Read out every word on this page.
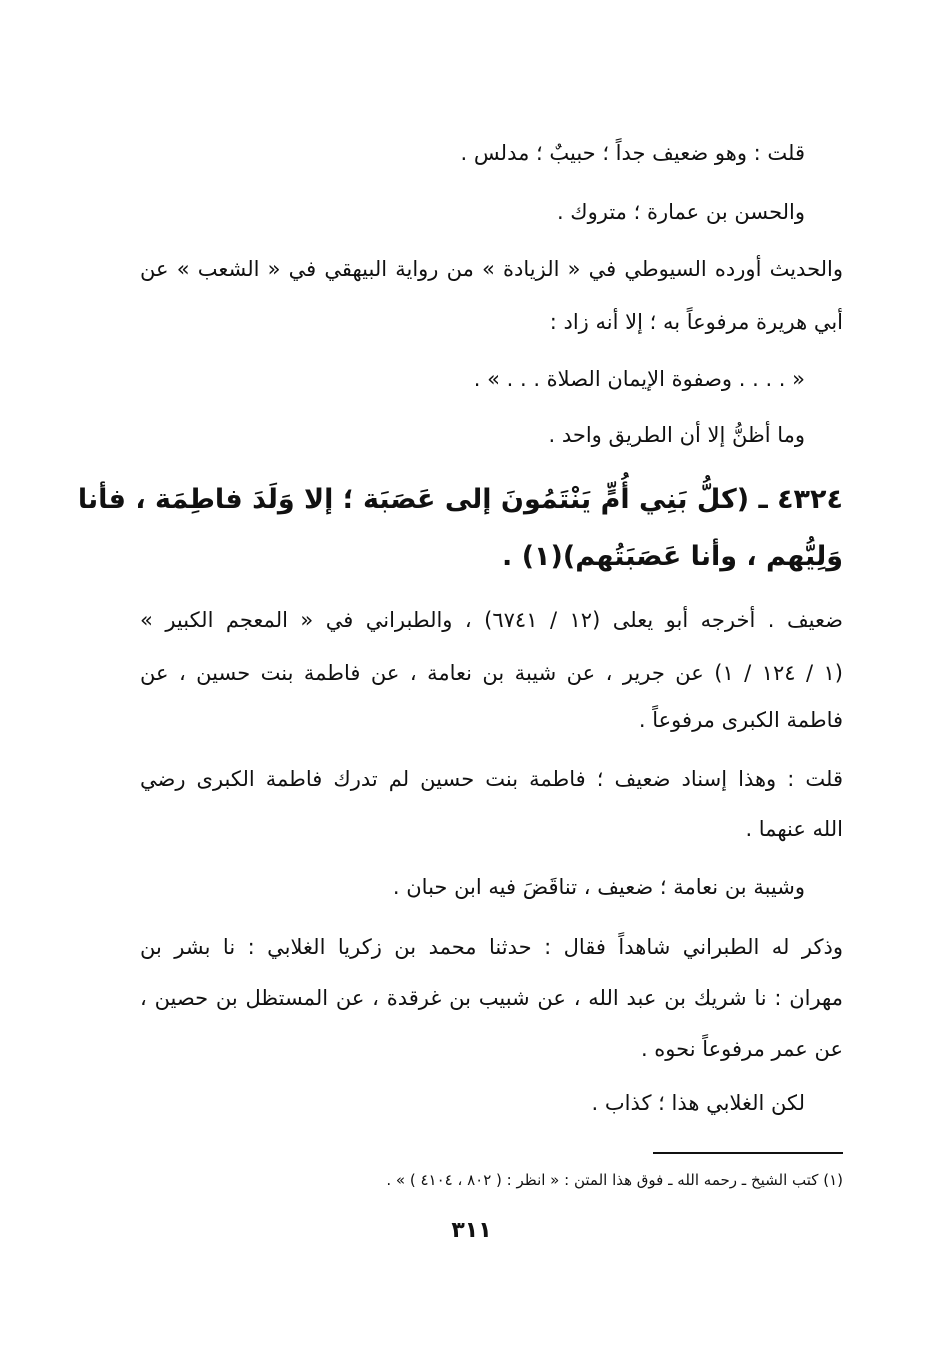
قلت : وهو ضعيف جداً ؛ حبيبٌ ؛ مدلس .
والحسن بن عمارة ؛ متروك .
والحديث أورده السيوطي في « الزيادة » من رواية البيهقي في « الشعب » عن
أبي هريرة مرفوعاً به ؛ إلا أنه زاد :
« . . . . وصفوة الإيمان الصلاة . . . » .
وما أظنُّ إلا أن الطريق واحد .
٤٣٢٤ ـ (كلُّ بَنِي أُمٍّ يَنْتَمُونَ إلى عَصَبَة ؛ إلا وَلَدَ فاطِمَة ، فأنا
وَلِيُّهم ، وأنا عَصَبَتُهم)(١) .
ضعيف . أخرجه أبو يعلى (١٢ / ٦٧٤١) ، والطبراني في « المعجم الكبير »
(١ / ١٢٤ / ١) عن جرير ، عن شيبة بن نعامة ، عن فاطمة بنت حسين ، عن
فاطمة الكبرى مرفوعاً .
قلت : وهذا إسناد ضعيف ؛ فاطمة بنت حسين لم تدرك فاطمة الكبرى رضي
الله عنهما .
وشيبة بن نعامة ؛ ضعيف ، تناقَضَ فيه ابن حبان .
وذكر له الطبراني شاهداً فقال : حدثنا محمد بن زكريا الغلابي : نا بشر بن
مهران : نا شريك بن عبد الله ، عن شبيب بن غرقدة ، عن المستظل بن حصين ،
عن عمر مرفوعاً نحوه .
لكن الغلابي هذا ؛ كذاب .
(١) كتب الشيخ ـ رحمه الله ـ فوق هذا المتن : « انظر : ( ٨٠٢ ، ٤١٠٤ ) » .
٣١١
